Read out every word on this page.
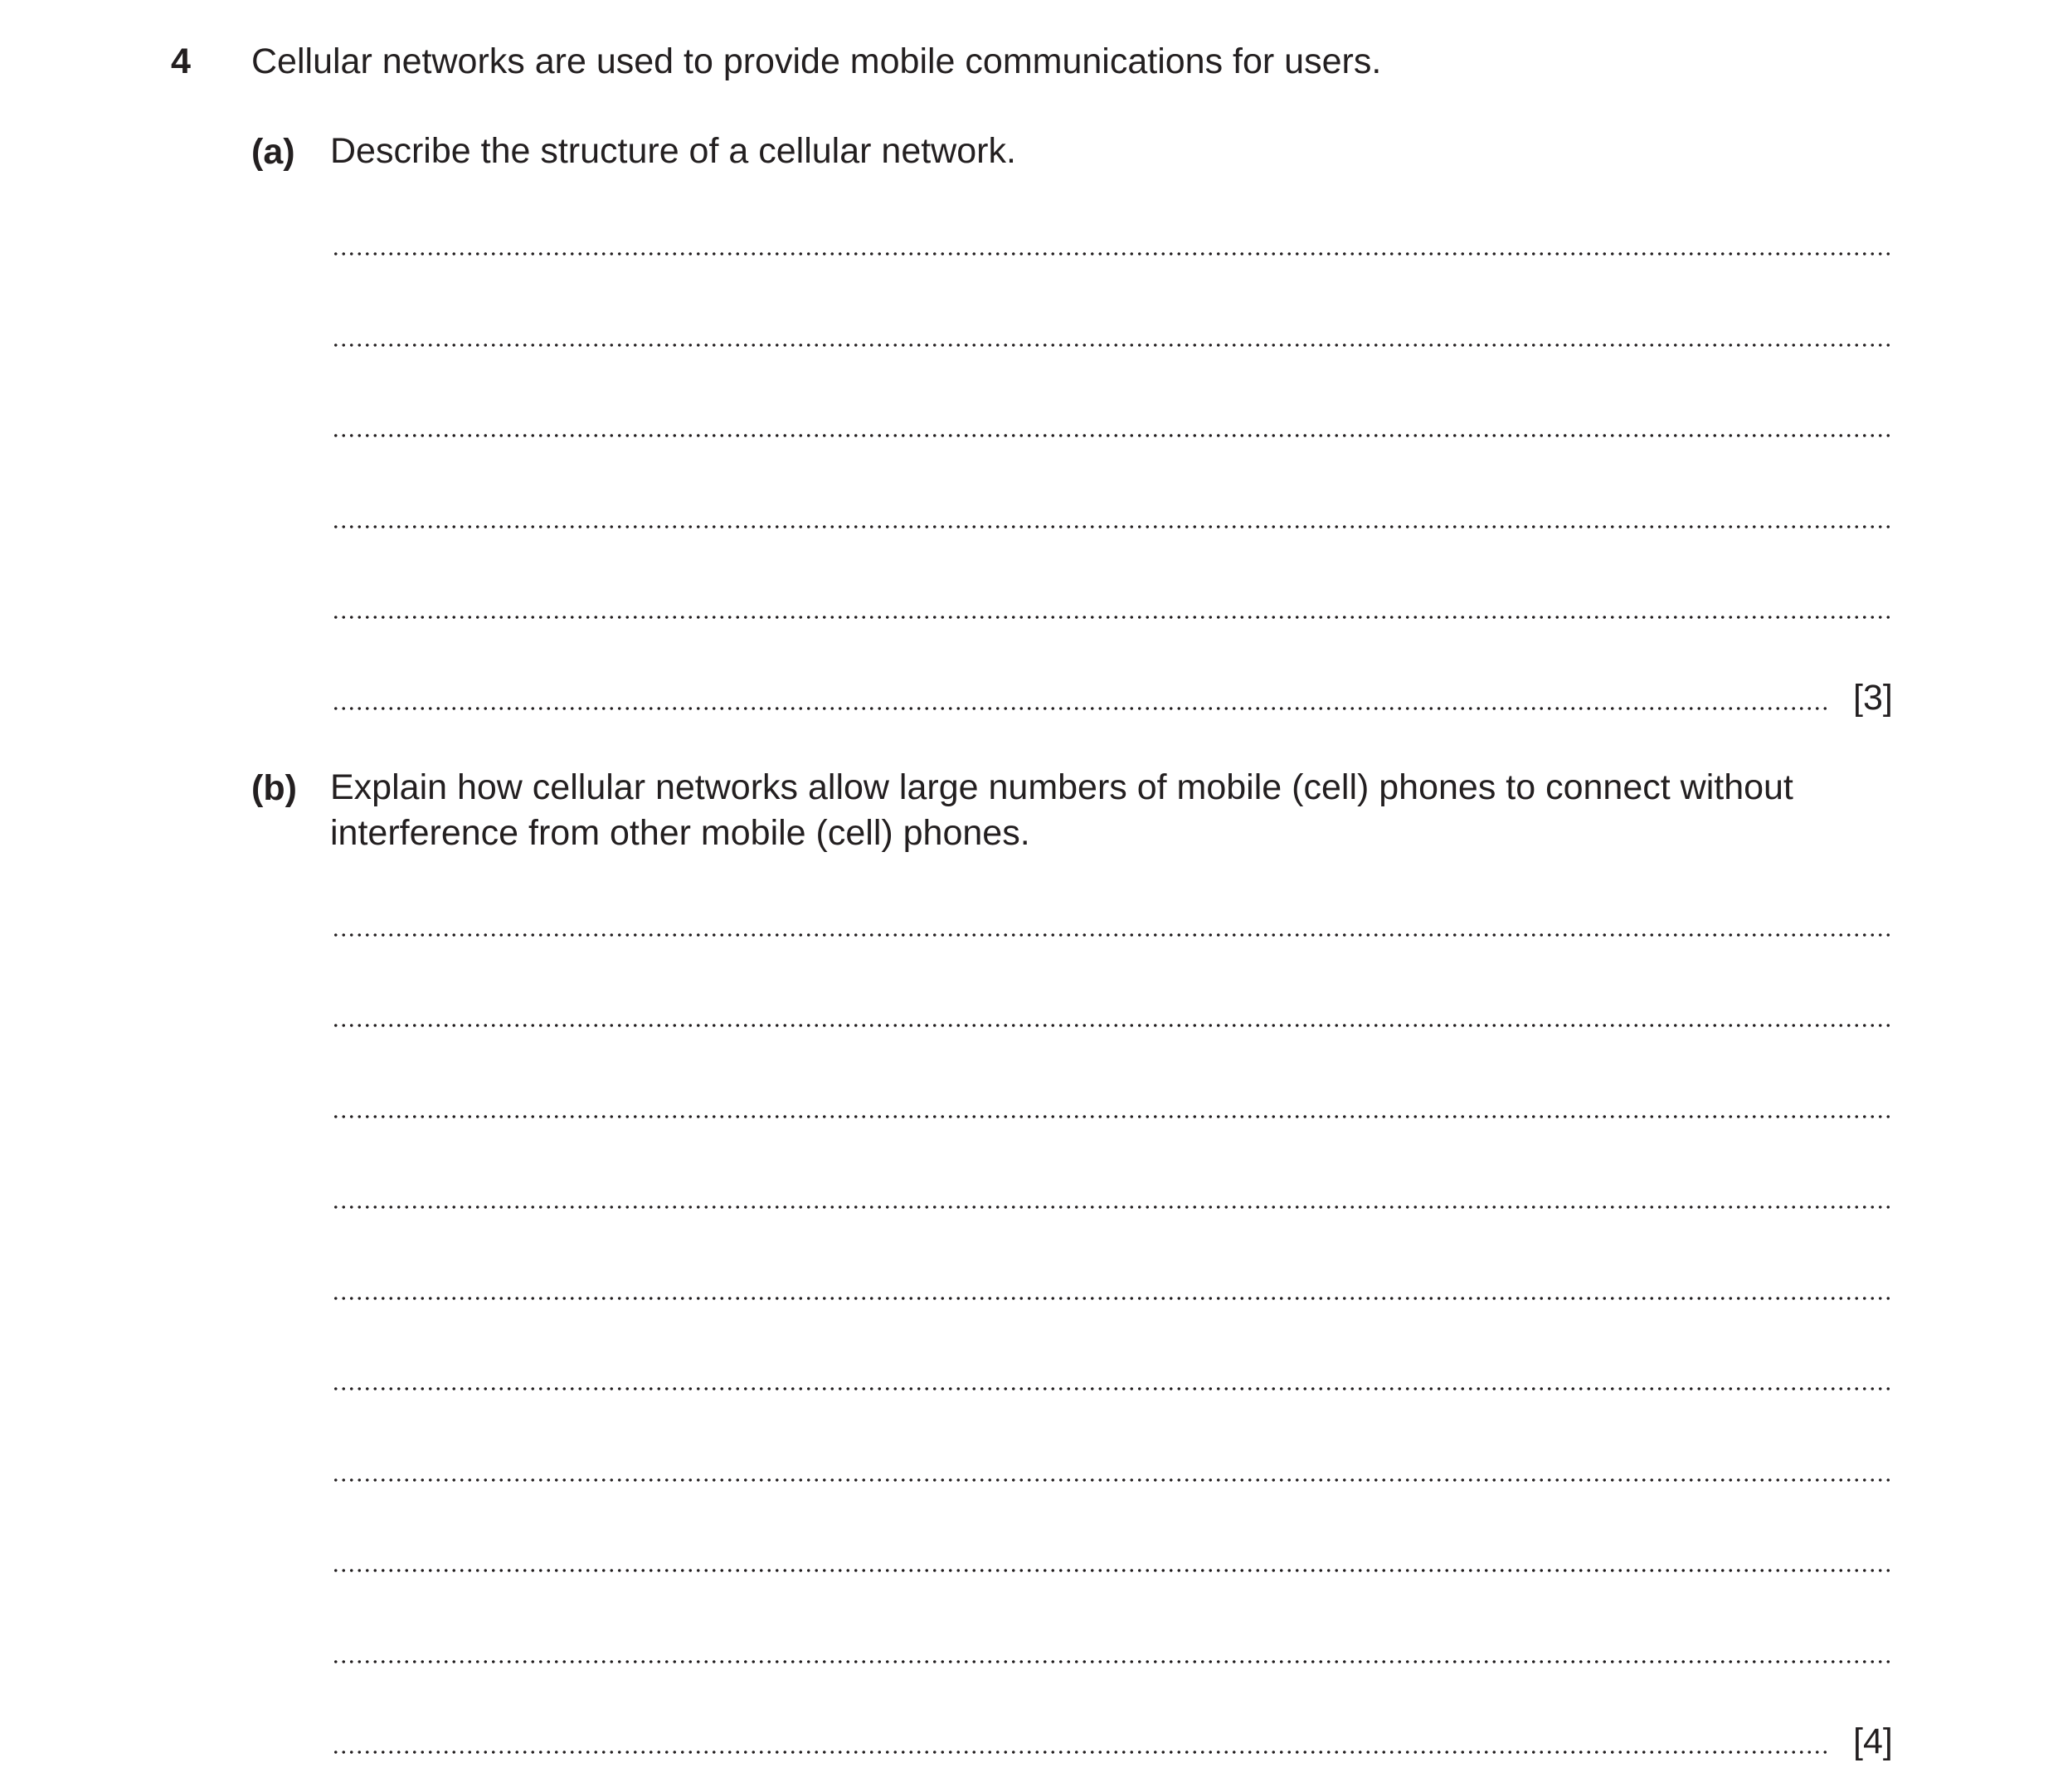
4 Cellular networks are used to provide mobile communications for users.
(a) Describe the structure of a cellular network.
[3]
(b) Explain how cellular networks allow large numbers of mobile (cell) phones to connect without
interference from other mobile (cell) phones.
[4]
